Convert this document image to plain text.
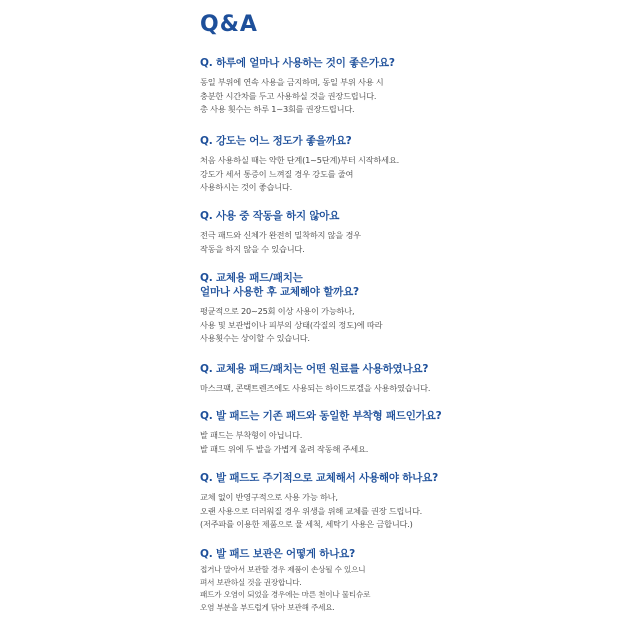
Q&A
Q. 하루에 얼마나 사용하는 것이 좋은가요?
동일 부위에 연속 사용을 금지하며, 동일 부위 사용 시
충분한 시간차를 두고 사용하실 것을 권장드립니다.
총 사용 횟수는 하루 1~3회를 권장드립니다.
Q. 강도는 어느 정도가 좋을까요?
처음 사용하실 때는 약한 단계(1~5단계)부터 시작하세요.
강도가 세서 통증이 느껴질 경우 강도를 줄여
사용하시는 것이 좋습니다.
Q. 사용 중 작동을 하지 않아요
전극 패드와 신체가 완전히 밀착하지 않을 경우
작동을 하지 않을 수 있습니다.
Q. 교체용 패드/패치는
얼마나 사용한 후 교체해야 할까요?
평균적으로 20~25회 이상 사용이 가능하나,
사용 및 보관법이나 피부의 상태(각질의 정도)에 따라
사용횟수는 상이할 수 있습니다.
Q. 교체용 패드/패치는 어떤 원료를 사용하였나요?
마스크팩, 콘택트렌즈에도 사용되는 하이드로겔을 사용하였습니다.
Q. 발 패드는 기존 패드와 동일한 부착형 패드인가요?
발 패드는 부착형이 아닙니다.
발 패드 위에 두 발을 가볍게 올려 작동해 주세요.
Q. 발 패드도 주기적으로 교체해서 사용해야 하나요?
교체 없이 반영구적으로 사용 가능 하나,
오랜 사용으로 더러워질 경우 위생을 위해 교체를 권장 드립니다.
(저주파를 이용한 제품으로 물 세척, 세탁기 사용은 금합니다.)
Q. 발 패드 보관은 어떻게 하나요?
접거나 말아서 보관할 경우 제품이 손상될 수 있으니
펴서 보관하실 것을 권장합니다.
패드가 오염이 되었을 경우에는 마른 천이나 물티슈로
오염 부분을 부드럽게 닦아 보관해 주세요.
